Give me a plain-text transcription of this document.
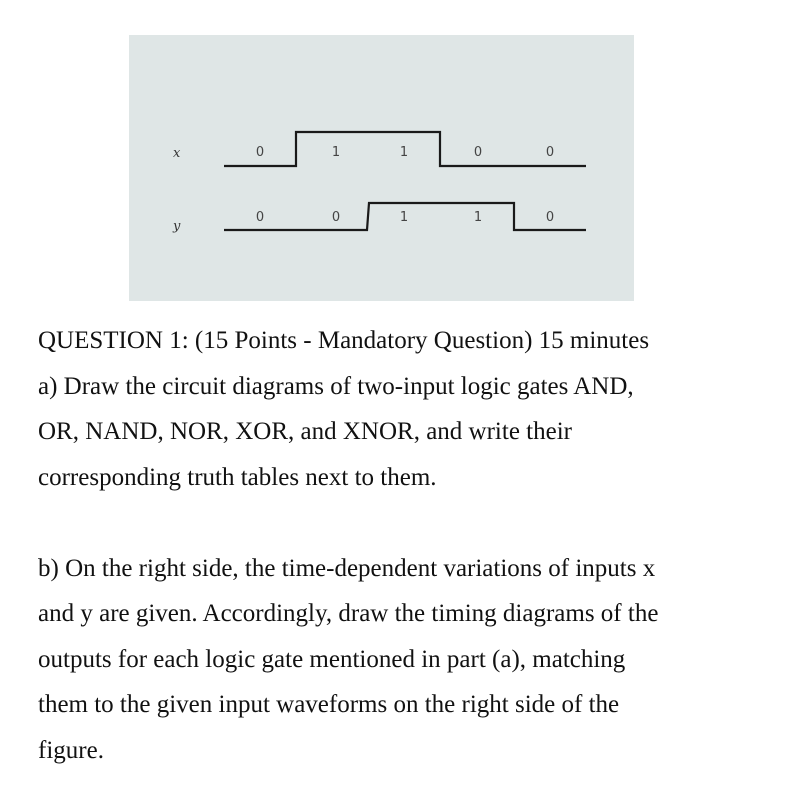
x	0	1	1	0	0
y
0	0	1	1	0

QUESTION 1: (15 Points - Mandatory Question) 15 minutes

a) Draw the circuit diagrams of two-input logic gates AND,

OR, NAND, NOR, XOR, and XNOR, and write their

corresponding truth tables next to them.

b) On the right side, the time-dependent variations of inputs x

and y are given. Accordingly, draw the timing diagrams of the

outputs for each logic gate mentioned in part (a), matching

them to the given input waveforms on the right side of the

figure.
